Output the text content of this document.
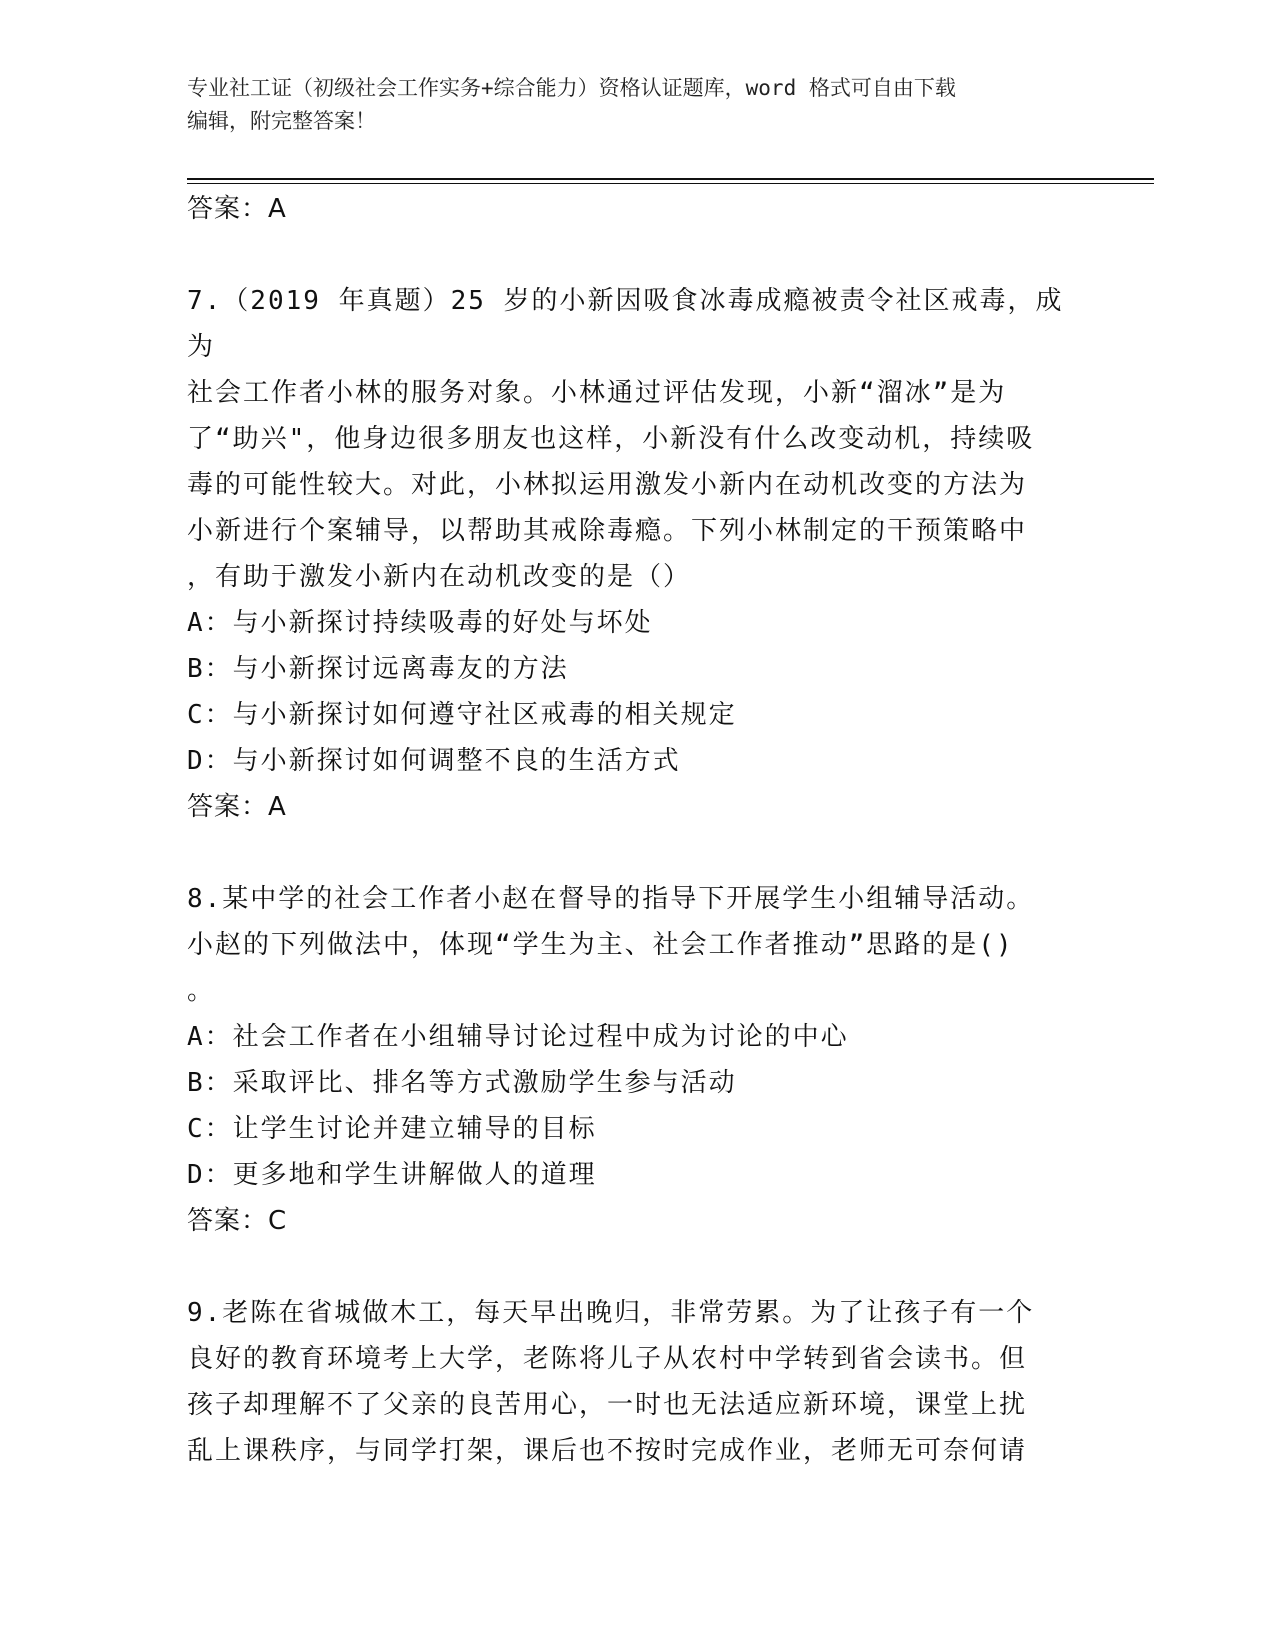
专业社工证（初级社会工作实务+综合能力）资格认证题库，word 格式可自由下载
编辑，附完整答案！

答案：A

7.（2019 年真题）25 岁的小新因吸食冰毒成瘾被责令社区戒毒，成为

社会工作者小林的服务对象。小林通过评估发现，小新“溜冰”是为

了“助兴"，他身边很多朋友也这样，小新没有什么改变动机，持续吸

毒的可能性较大。对此，小林拟运用激发小新内在动机改变的方法为

小新进行个案辅导，以帮助其戒除毒瘾。下列小林制定的干预策略中

，有助于激发小新内在动机改变的是（）

A：与小新探讨持续吸毒的好处与坏处

B：与小新探讨远离毒友的方法

C：与小新探讨如何遵守社区戒毒的相关规定

D：与小新探讨如何调整不良的生活方式

答案：A

8.某中学的社会工作者小赵在督导的指导下开展学生小组辅导活动。

小赵的下列做法中，体现“学生为主、社会工作者推动”思路的是()

。

A：社会工作者在小组辅导讨论过程中成为讨论的中心

B：采取评比、排名等方式激励学生参与活动

C：让学生讨论并建立辅导的目标

D：更多地和学生讲解做人的道理

答案：C

9.老陈在省城做木工，每天早出晚归，非常劳累。为了让孩子有一个

良好的教育环境考上大学，老陈将儿子从农村中学转到省会读书。但

孩子却理解不了父亲的良苦用心，一时也无法适应新环境，课堂上扰

乱上课秩序，与同学打架，课后也不按时完成作业，老师无可奈何请
